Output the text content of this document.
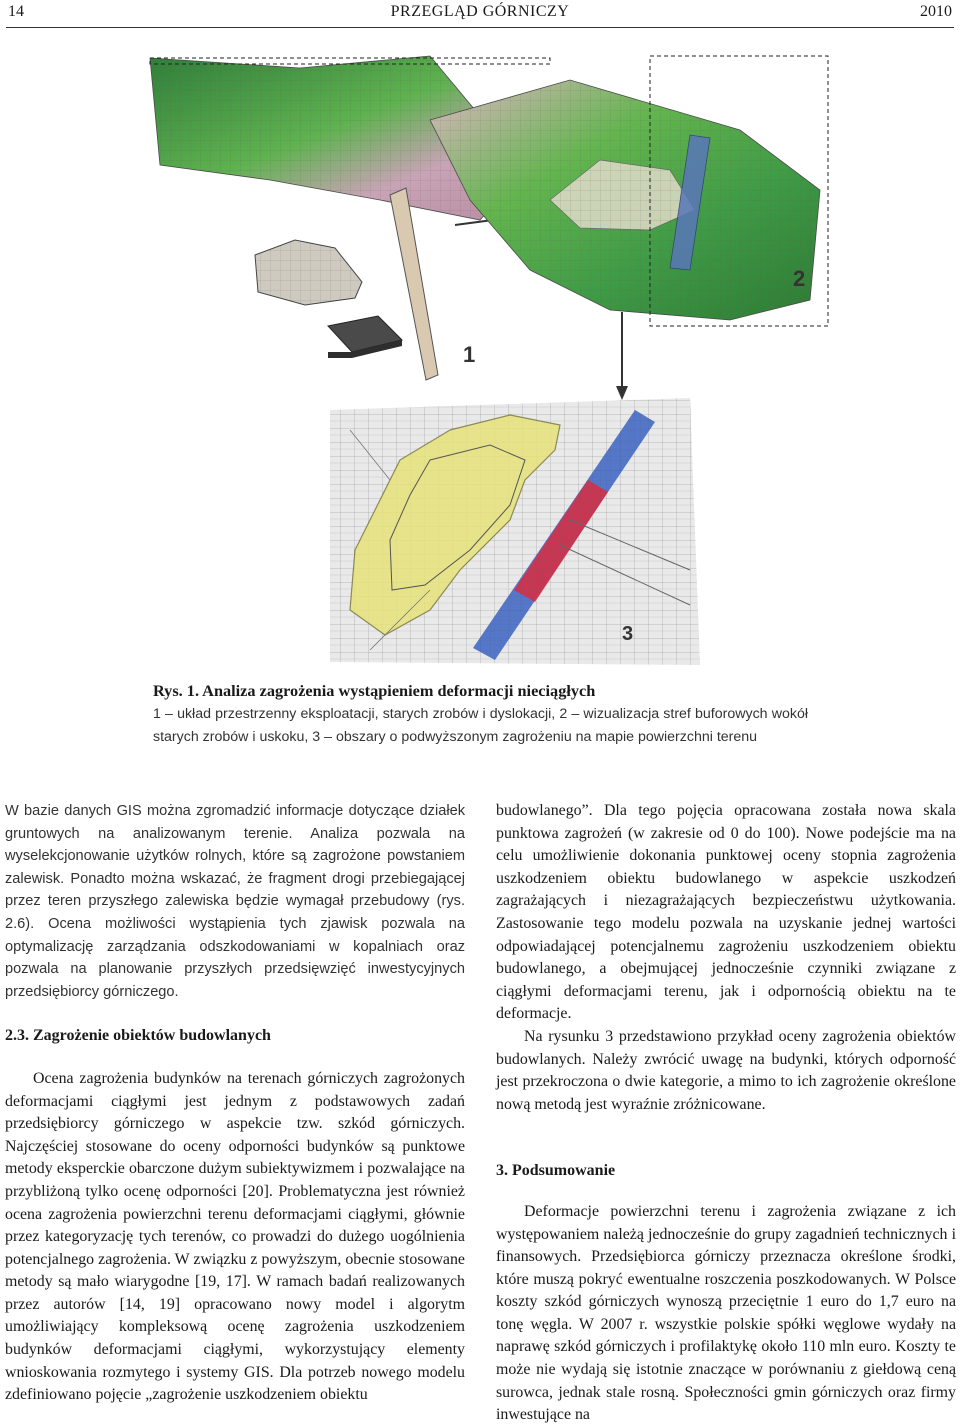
14	PRZEGLĄD GÓRNICZY	2010
1
2
3
Rys. 1. Analiza zagrożenia wystąpieniem deformacji nieciągłych
1 – układ przestrzenny eksploatacji, starych zrobów i dyslokacji, 2 – wizualizacja stref buforowych wokół starych zrobów i uskoku, 3 – obszary o podwyższonym zagrożeniu na mapie powierzchni terenu

W bazie danych GIS można zgromadzić informacje dotyczące działek gruntowych na analizowanym terenie. Analiza pozwala na wyselekcjonowanie użytków rolnych, które są zagrożone powstaniem zalewisk. Ponadto można wskazać, że fragment drogi przebiegającej przez teren przyszłego zalewiska będzie wymagał przebudowy (rys. 2.6). Ocena możliwości wystąpienia tych zjawisk pozwala na optymalizację zarządzania odszkodowaniami w kopalniach oraz pozwala na planowanie przyszłych przedsięwzięć inwestycyjnych przedsiębiorcy górniczego.

2.3. Zagrożenie obiektów budowlanych

Ocena zagrożenia budynków na terenach górniczych zagrożonych deformacjami ciągłymi jest jednym z podstawowych zadań przedsiębiorcy górniczego w aspekcie tzw. szkód górniczych. Najczęściej stosowane do oceny odporności budynków są punktowe metody eksperckie obarczone dużym subiektywizmem i pozwalające na przybliżoną tylko ocenę odporności [20]. Problematyczna jest również ocena zagrożenia powierzchni terenu deformacjami ciągłymi, głównie przez kategoryzację tych terenów, co prowadzi do dużego uogólnienia potencjalnego zagrożenia. W związku z powyższym, obecnie stosowane metody są mało wiarygodne [19, 17]. W ramach badań realizowanych przez autorów [14, 19] opracowano nowy model i algorytm umożliwiający kompleksową ocenę zagrożenia uszkodzeniem budynków deformacjami ciągłymi, wykorzystujący elementy wnioskowania rozmytego i systemy GIS. Dla potrzeb nowego modelu zdefiniowano pojęcie „zagrożenie uszkodzeniem obiektu

budowlanego”. Dla tego pojęcia opracowana została nowa skala punktowa zagrożeń (w zakresie od 0 do 100). Nowe podejście ma na celu umożliwienie dokonania punktowej oceny stopnia zagrożenia uszkodzeniem obiektu budowlanego w aspekcie uszkodzeń zagrażających i niezagrażających bezpieczeństwu użytkowania. Zastosowanie tego modelu pozwala na uzyskanie jednej wartości odpowiadającej potencjalnemu zagrożeniu uszkodzeniem obiektu budowlanego, a obejmującej jednocześnie czynniki związane z ciągłymi deformacjami terenu, jak i odpornością obiektu na te deformacje.

Na rysunku 3 przedstawiono przykład oceny zagrożenia obiektów budowlanych. Należy zwrócić uwagę na budynki, których odporność jest przekroczona o dwie kategorie, a mimo to ich zagrożenie określone nową metodą jest wyraźnie zróżnicowane.

3. Podsumowanie

Deformacje powierzchni terenu i zagrożenia związane z ich występowaniem należą jednocześnie do grupy zagadnień technicznych i finansowych. Przedsiębiorca górniczy przeznacza określone środki, które muszą pokryć ewentualne roszczenia poszkodowanych. W Polsce koszty szkód górniczych wynoszą przeciętnie 1 euro do 1,7 euro na tonę węgla. W 2007 r. wszystkie polskie spółki węglowe wydały na naprawę szkód górniczych i profilaktykę około 110 mln euro. Koszty te może nie wydają się istotnie znaczące w porównaniu z giełdową ceną surowca, jednak stale rosną. Społeczności gmin górniczych oraz firmy inwestujące na
